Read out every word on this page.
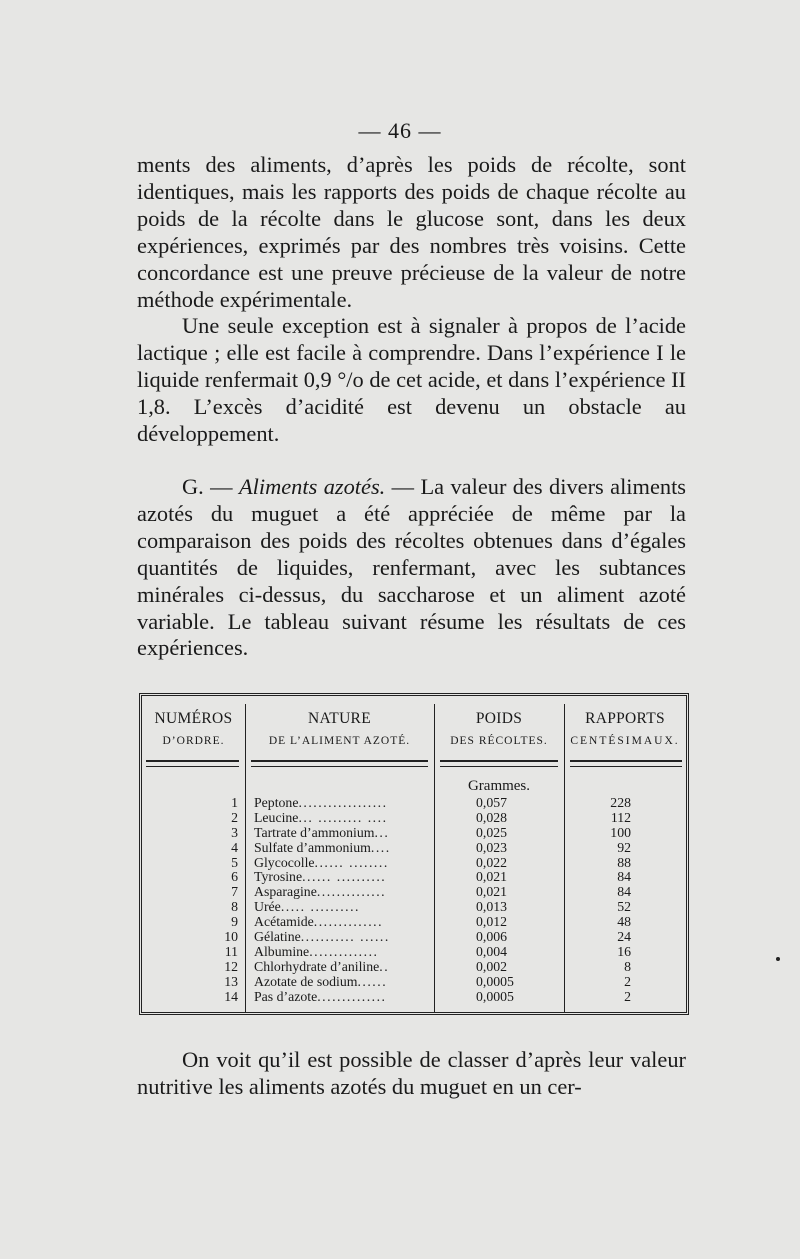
— 46 —

ments des aliments, d’après les poids de récolte, sont identiques, mais les rapports des poids de chaque récolte au poids de la récolte dans le glucose sont, dans les deux expériences, exprimés par des nombres très voisins. Cette concordance est une preuve précieuse de la valeur de notre méthode expérimentale.

Une seule exception est à signaler à propos de l’acide lactique ; elle est facile à comprendre. Dans l’expérience I le liquide renfermait 0,9 °/o de cet acide, et dans l’expérience II 1,8. L’excès d’acidité est devenu un obstacle au développement.

G. — Aliments azotés. — La valeur des divers aliments azotés du muguet a été appréciée de même par la comparaison des poids des récoltes obtenues dans d’égales quantités de liquides, renfermant, avec les subtances minérales ci-dessus, du saccharose et un aliment azoté variable. Le tableau suivant résume les résultats de ces expériences.

NUMÉROS
D’ORDRE.
NATURE
DE L’ALIMENT AZOTÉ.
POIDS
DES RÉCOLTES.
RAPPORTS
CENTÉSIMAUX.
Grammes.
1 Peptone..................	0,057	228
2 Leucine... ......... ....	0,028	112
3 Tartrate d’ammonium...	0,025	100
4 Sulfate d’ammonium....	0,023	92
5 Glycocolle...... ........	0,022	88
6 Tyrosine...... ..........	0,021	84
7 Asparagine..............	0,021	84
8 Urée..... ..........	0,013	52
9 Acétamide..............	0,012	48
10 Gélatine........... ......	0,006	24
11 Albumine..............	0,004	16
12 Chlorhydrate d’aniline..	0,002	8
13 Azotate de sodium......	0,0005	2
14 Pas d’azote..............	0,0005	2

On voit qu’il est possible de classer d’après leur valeur nutritive les aliments azotés du muguet en un cer-
